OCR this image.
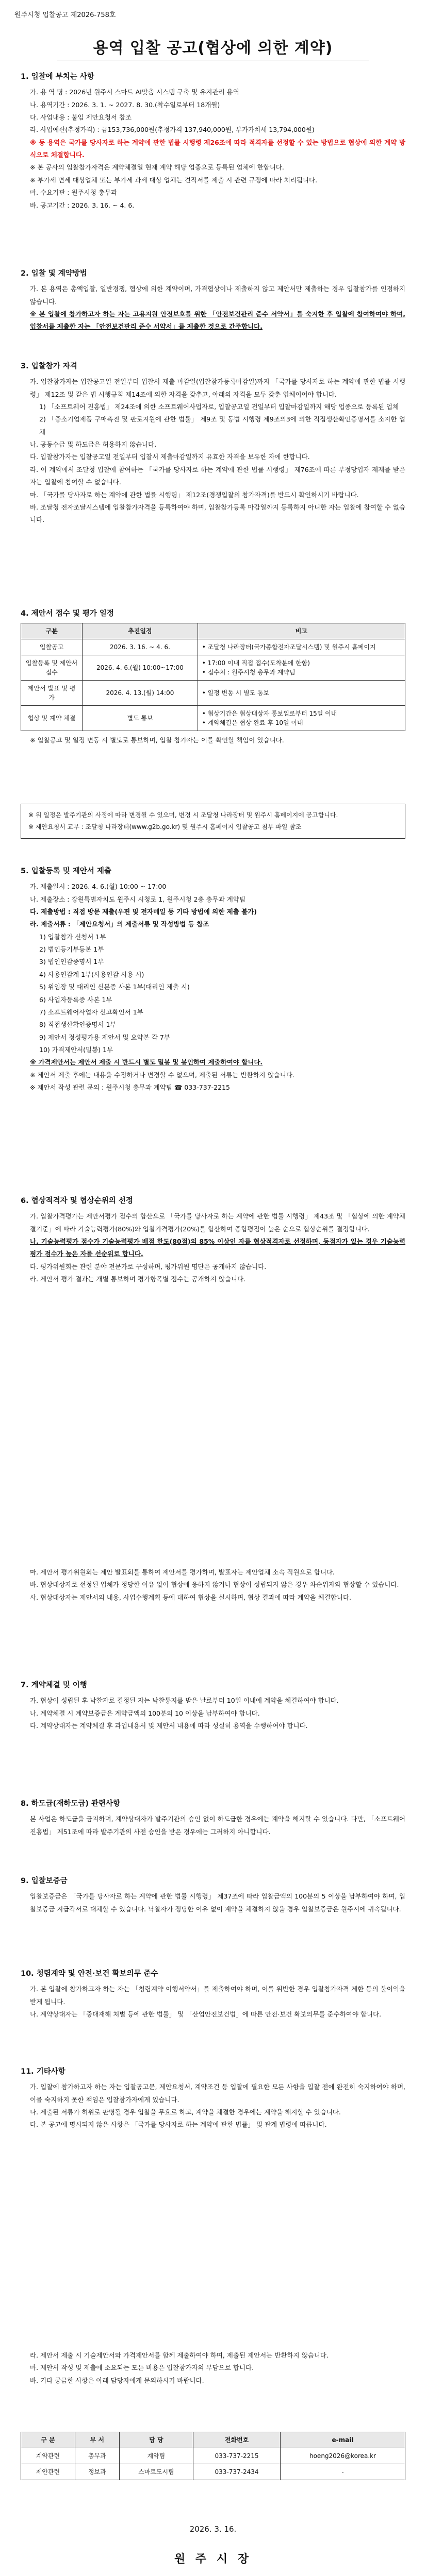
원주시청 입찰공고 제2026-758호
용역 입찰 공고(협상에 의한 계약)
1. 입찰에 부치는 사항
가. 용 역 명 : 2026년 원주시 스마트 AI맞춤 시스템 구축 및 유지관리 용역
나. 용역기간 : 2026. 3. 1. ~ 2027. 8. 30.(착수일로부터 18개월)
다. 사업내용 : 붙임 제안요청서 참조
라. 사업예산(추정가격) : 금153,736,000원(추정가격 137,940,000원, 부가가치세 13,794,000원)
※ 동 용역은 국가를 당사자로 하는 계약에 관한 법률 시행령 제26조에 따라 적격자를 선정할 수 있는 방법으로 협상에 의한 계약 방식으로 체결합니다.
※ 본 공사의 입찰참가자격은 계약체결일 현재 계약 해당 업종으로 등록된 업체에 한합니다.
※ 부가세 면세 대상업체 또는 부가세 과세 대상 업체는 견적서를 제출 시 관련 규정에 따라 처리됩니다.
마. 수요기관 : 원주시청 총무과
바. 공고기간 : 2026. 3. 16. ~ 4. 6.
2. 입찰 및 계약방법
가. 본 용역은 총액입찰, 일반경쟁, 협상에 의한 계약이며, 가격협상이나 제출하지 않고 제안서만 제출하는 경우 입찰참가를 인정하지 않습니다.
※ 본 입찰에 참가하고자 하는 자는 고용지원 안전보호를 위한 「안전보건관리 준수 서약서」를 숙지한 후 입찰에 참여하여야 하며, 입찰서를 제출한 자는 「안전보건관리 준수 서약서」를 제출한 것으로 간주합니다.
3. 입찰참가 자격
가. 입찰참가자는 입찰공고일 전일부터 입찰서 제출 마감일(입찰참가등록마감일)까지 「국가를 당사자로 하는 계약에 관한 법률 시행령」 제12조 및 같은 법 시행규칙 제14조에 의한 자격을 갖추고, 아래의 자격을 모두 갖춘 업체이어야 합니다.
1) 「소프트웨어 진흥법」 제24조에 의한 소프트웨어사업자로, 입찰공고일 전일부터 입찰마감일까지 해당 업종으로 등록된 업체
2) 「중소기업제품 구매촉진 및 판로지원에 관한 법률」 제9조 및 동법 시행령 제9조의3에 의한 직접생산확인증명서를 소지한 업체
나. 공동수급 및 하도급은 허용하지 않습니다.
다. 입찰참가자는 입찰공고일 전일부터 입찰서 제출마감일까지 유효한 자격을 보유한 자에 한합니다.
라. 이 계약에서 조달청 입찰에 참여하는 「국가를 당사자로 하는 계약에 관한 법률 시행령」 제76조에 따른 부정당업자 제재를 받은 자는 입찰에 참여할 수 없습니다.
마. 「국가를 당사자로 하는 계약에 관한 법률 시행령」 제12조(경쟁입찰의 참가자격)를 반드시 확인하시기 바랍니다.
바. 조달청 전자조달시스템에 입찰참가자격을 등록하여야 하며, 입찰참가등록 마감일까지 등록하지 아니한 자는 입찰에 참여할 수 없습니다.
4. 제안서 접수 및 평가 일정
구분	추진일정	비고
입찰공고	2026. 3. 16. ~ 4. 6.	• 조달청 나라장터(국가종합전자조달시스템) 및 원주시 홈페이지
입찰등록 및 제안서 접수	2026. 4. 6.(월) 10:00~17:00	• 17:00 이내 직접 접수(도착분에 한함)
• 접수처 : 원주시청 총무과 계약팀
제안서 발표 및 평가	2026. 4. 13.(월) 14:00	• 일정 변동 시 별도 통보
협상 및 계약 체결	별도 통보	• 협상기간은 협상대상자 통보일로부터 15일 이내
• 계약체결은 협상 완료 후 10일 이내
※ 입찰공고 및 일정 변동 시 별도로 통보하며, 입찰 참가자는 이를 확인할 책임이 있습니다.
※ 위 일정은 발주기관의 사정에 따라 변경될 수 있으며, 변경 시 조달청 나라장터 및 원주시 홈페이지에 공고합니다.
※ 제안요청서 교부 : 조달청 나라장터(www.g2b.go.kr) 및 원주시 홈페이지 입찰공고 첨부 파일 참조
5. 입찰등록 및 제안서 제출
가. 제출일시 : 2026. 4. 6.(월) 10:00 ~ 17:00
나. 제출장소 : 강원특별자치도 원주시 시청로 1, 원주시청 2층 총무과 계약팀
다. 제출방법 : 직접 방문 제출(우편 및 전자메일 등 기타 방법에 의한 제출 불가)
라. 제출서류 : 「제안요청서」의 제출서류 및 작성방법 등 참조
1) 입찰참가 신청서 1부
2) 법인등기부등본 1부
3) 법인인감증명서 1부
4) 사용인감계 1부(사용인감 사용 시)
5) 위임장 및 대리인 신분증 사본 1부(대리인 제출 시)
6) 사업자등록증 사본 1부
7) 소프트웨어사업자 신고확인서 1부
8) 직접생산확인증명서 1부
9) 제안서 정성평가용 제안서 및 요약본 각 7부
10) 가격제안서(밀봉) 1부
※ 가격제안서는 제안서 제출 시 반드시 별도 밀봉 및 봉인하여 제출하여야 합니다.
※ 제안서 제출 후에는 내용을 수정하거나 변경할 수 없으며, 제출된 서류는 반환하지 않습니다.
※ 제안서 작성 관련 문의 : 원주시청 총무과 계약팀 ☎ 033-737-2215
6. 협상적격자 및 협상순위의 선정
가. 입찰가격평가는 제안서평가 점수의 합산으로 「국가를 당사자로 하는 계약에 관한 법률 시행령」 제43조 및 「협상에 의한 계약체결기준」에 따라 기술능력평가(80%)와 입찰가격평가(20%)를 합산하여 종합평점이 높은 순으로 협상순위를 결정합니다.
나. 기술능력평가 점수가 기술능력평가 배점 한도(80점)의 85% 이상인 자를 협상적격자로 선정하며, 동점자가 있는 경우 기술능력평가 점수가 높은 자를 선순위로 합니다.
다. 평가위원회는 관련 분야 전문가로 구성하며, 평가위원 명단은 공개하지 않습니다.
라. 제안서 평가 결과는 개별 통보하며 평가항목별 점수는 공개하지 않습니다.
마. 제안서 평가위원회는 제안 발표회를 통하여 제안서를 평가하며, 발표자는 제안업체 소속 직원으로 합니다.
바. 협상대상자로 선정된 업체가 정당한 이유 없이 협상에 응하지 않거나 협상이 성립되지 않은 경우 차순위자와 협상할 수 있습니다.
사. 협상대상자는 제안서의 내용, 사업수행계획 등에 대하여 협상을 실시하며, 협상 결과에 따라 계약을 체결합니다.
7. 계약체결 및 이행
가. 협상이 성립된 후 낙찰자로 결정된 자는 낙찰통지를 받은 날로부터 10일 이내에 계약을 체결하여야 합니다.
나. 계약체결 시 계약보증금은 계약금액의 100분의 10 이상을 납부하여야 합니다.
다. 계약상대자는 계약체결 후 과업내용서 및 제안서 내용에 따라 성실히 용역을 수행하여야 합니다.
8. 하도급(재하도급) 관련사항
본 사업은 하도급을 금지하며, 계약상대자가 발주기관의 승인 없이 하도급한 경우에는 계약을 해지할 수 있습니다. 다만, 「소프트웨어 진흥법」 제51조에 따라 발주기관의 사전 승인을 받은 경우에는 그러하지 아니합니다.
9. 입찰보증금
입찰보증금은 「국가를 당사자로 하는 계약에 관한 법률 시행령」 제37조에 따라 입찰금액의 100분의 5 이상을 납부하여야 하며, 입찰보증금 지급각서로 대체할 수 있습니다. 낙찰자가 정당한 이유 없이 계약을 체결하지 않을 경우 입찰보증금은 원주시에 귀속됩니다.
10. 청렴계약 및 안전·보건 확보의무 준수
가. 본 입찰에 참가하고자 하는 자는 「청렴계약 이행서약서」를 제출하여야 하며, 이를 위반한 경우 입찰참가자격 제한 등의 불이익을 받게 됩니다.
나. 계약상대자는 「중대재해 처벌 등에 관한 법률」 및 「산업안전보건법」에 따른 안전·보건 확보의무를 준수하여야 합니다.
11. 기타사항
가. 입찰에 참가하고자 하는 자는 입찰공고문, 제안요청서, 계약조건 등 입찰에 필요한 모든 사항을 입찰 전에 완전히 숙지하여야 하며, 이를 숙지하지 못한 책임은 입찰참가자에게 있습니다.
나. 제출된 서류가 허위로 판명될 경우 입찰을 무효로 하고, 계약을 체결한 경우에는 계약을 해지할 수 있습니다.
다. 본 공고에 명시되지 않은 사항은 「국가를 당사자로 하는 계약에 관한 법률」 및 관계 법령에 따릅니다.
라. 제안서 제출 시 기술제안서와 가격제안서를 함께 제출하여야 하며, 제출된 제안서는 반환하지 않습니다.
마. 제안서 작성 및 제출에 소요되는 모든 비용은 입찰참가자의 부담으로 합니다.
바. 기타 궁금한 사항은 아래 담당자에게 문의하시기 바랍니다.
구 분	부 서	담 당	전화번호	e-mail
계약관련	총무과	계약팀	033-737-2215	hoeng2026@korea.kr
제안관련	정보과	스마트도시팀	033-737-2434	-
2026. 3. 16.
원 주 시 장
